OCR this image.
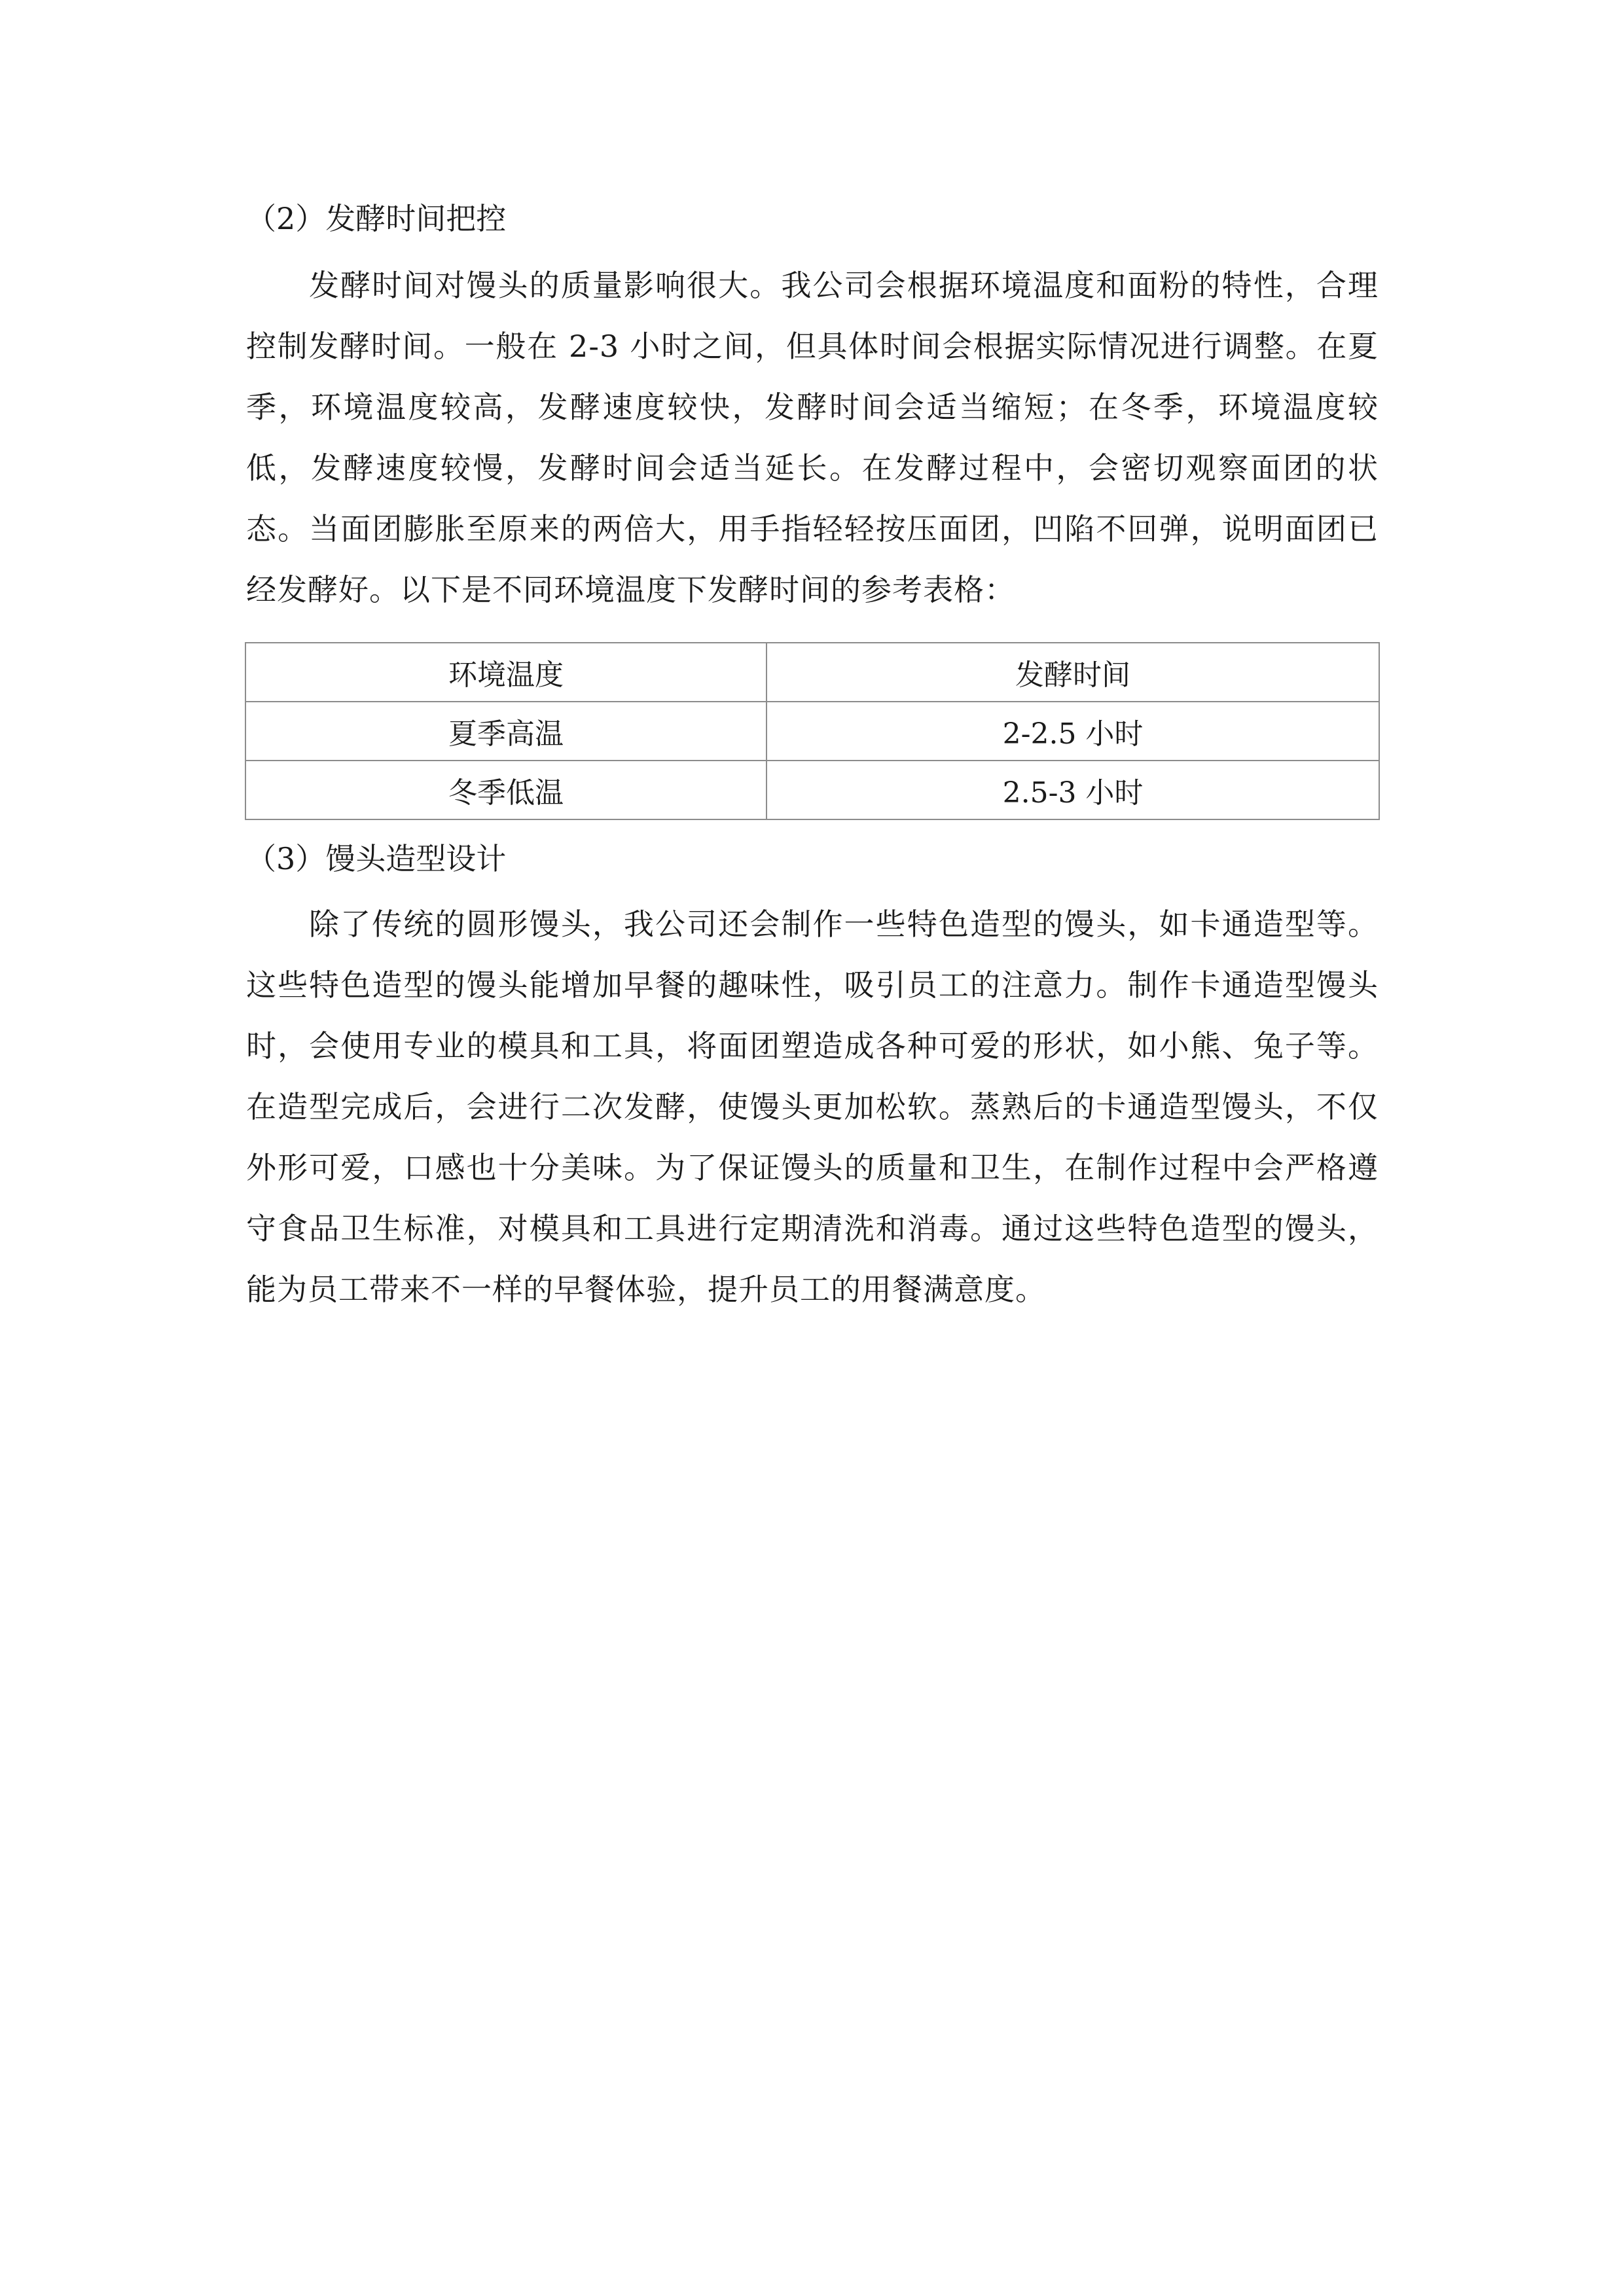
（2）发酵时间把控

发酵时间对馒头的质量影响很大。我公司会根据环境温度和面粉的特性，合理控制发酵时间。一般在 2-3 小时之间，但具体时间会根据实际情况进行调整。在夏季，环境温度较高，发酵速度较快，发酵时间会适当缩短；在冬季，环境温度较低，发酵速度较慢，发酵时间会适当延长。在发酵过程中，会密切观察面团的状态。当面团膨胀至原来的两倍大，用手指轻轻按压面团，凹陷不回弹，说明面团已经发酵好。以下是不同环境温度下发酵时间的参考表格：

环境温度	发酵时间
夏季高温	2-2.5 小时
冬季低温	2.5-3 小时
（3）馒头造型设计

除了传统的圆形馒头，我公司还会制作一些特色造型的馒头，如卡通造型等。这些特色造型的馒头能增加早餐的趣味性，吸引员工的注意力。制作卡通造型馒头时，会使用专业的模具和工具，将面团塑造成各种可爱的形状，如小熊、兔子等。在造型完成后，会进行二次发酵，使馒头更加松软。蒸熟后的卡通造型馒头，不仅外形可爱，口感也十分美味。为了保证馒头的质量和卫生，在制作过程中会严格遵守食品卫生标准，对模具和工具进行定期清洗和消毒。通过这些特色造型的馒头，能为员工带来不一样的早餐体验，提升员工的用餐满意度。
